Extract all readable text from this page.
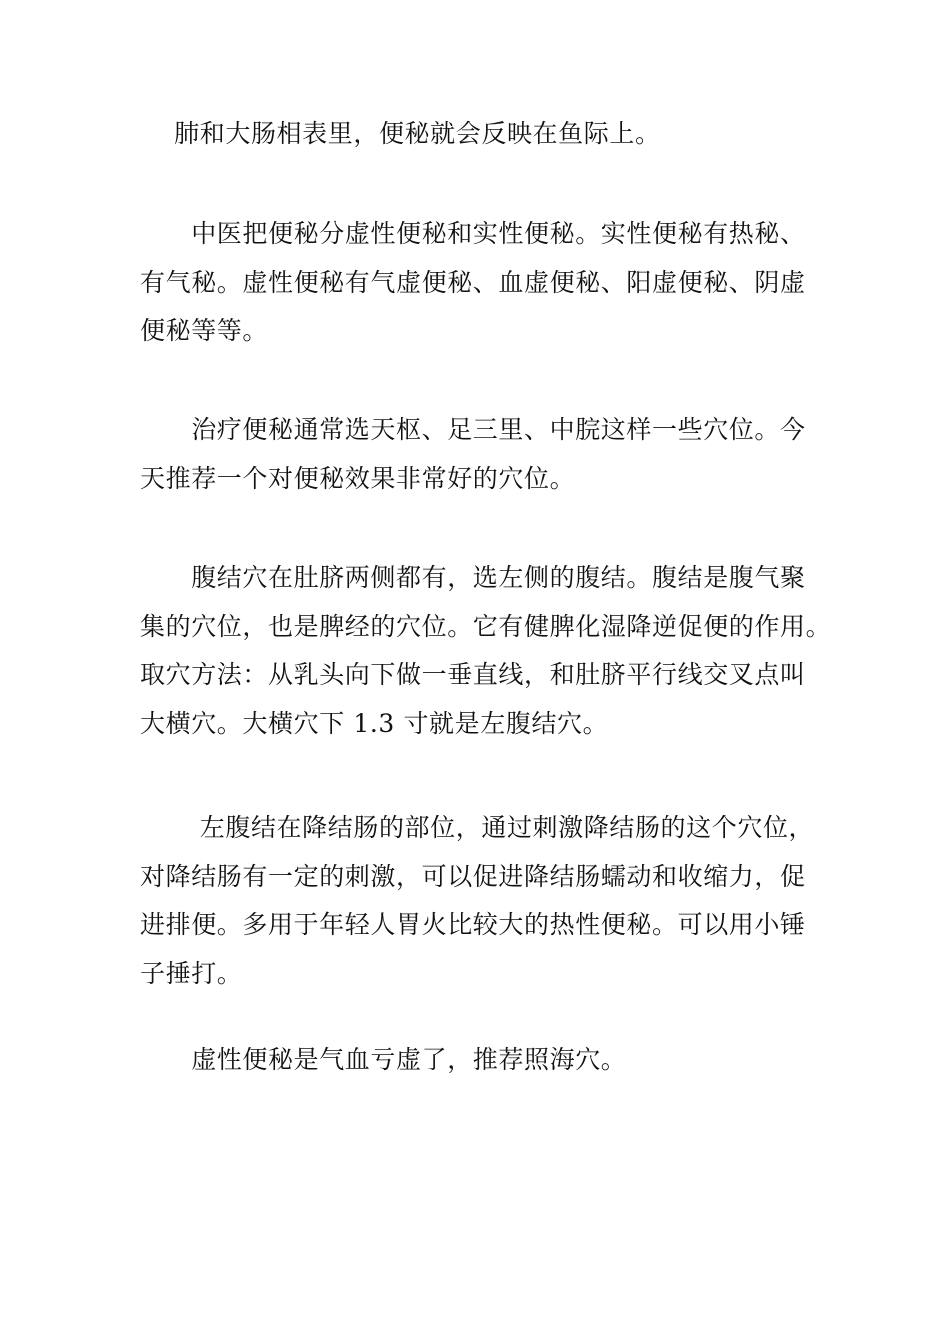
　 肺和大肠相表里，便秘就会反映在鱼际上。

　　中医把便秘分虚性便秘和实性便秘。实性便秘有热秘、
有气秘。虚性便秘有气虚便秘、血虚便秘、阳虚便秘、阴虚
便秘等等。

　　治疗便秘通常选天枢、足三里、中脘这样一些穴位。今
天推荐一个对便秘效果非常好的穴位。

　　腹结穴在肚脐两侧都有，选左侧的腹结。腹结是腹气聚
集的穴位，也是脾经的穴位。它有健脾化湿降逆促便的作用。
取穴方法：从乳头向下做一垂直线，和肚脐平行线交叉点叫
大横穴。大横穴下 1.3 寸就是左腹结穴。

　　 左腹结在降结肠的部位，通过刺激降结肠的这个穴位，
对降结肠有一定的刺激，可以促进降结肠蠕动和收缩力，促
进排便。多用于年轻人胃火比较大的热性便秘。可以用小锤
子捶打。

　　虚性便秘是气血亏虚了，推荐照海穴。
